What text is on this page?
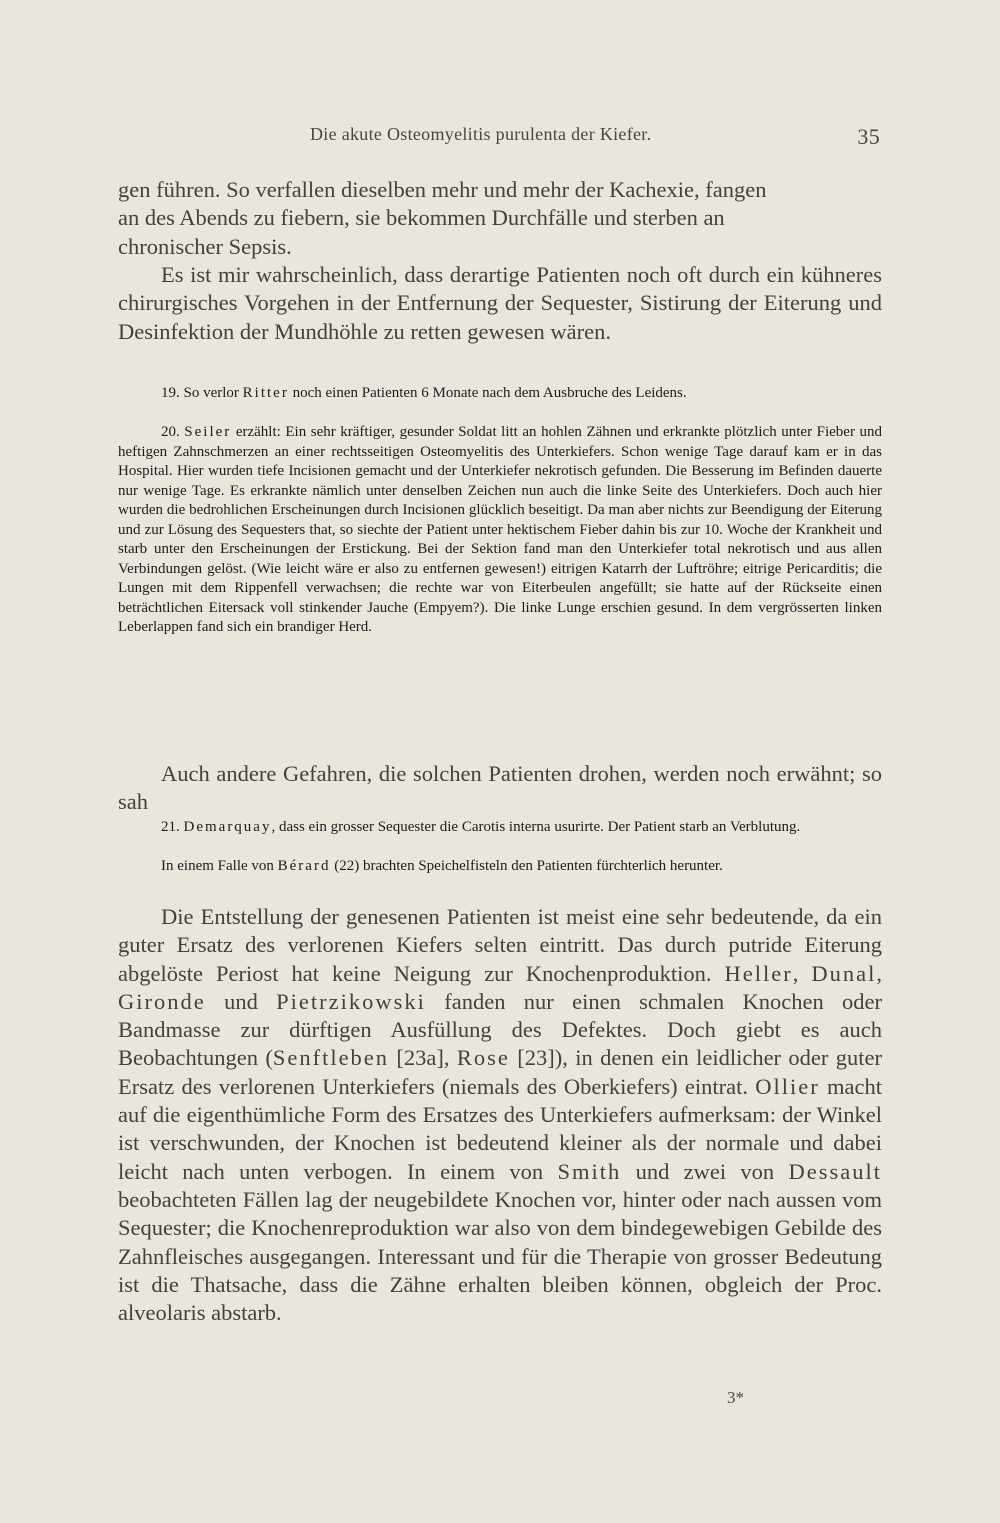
Die akute Osteomyelitis purulenta der Kiefer.	35

gen führen. So verfallen dieselben mehr und mehr der Kachexie, fangen

an des Abends zu fiebern, sie bekommen Durchfälle und sterben an

chronischer Sepsis.

Es ist mir wahrscheinlich, dass derartige Patienten noch oft durch ein kühneres chirurgisches Vorgehen in der Entfernung der Sequester, Sistirung der Eiterung und Desinfektion der Mundhöhle zu retten gewesen wären.

19. So verlor Ritter noch einen Patienten 6 Monate nach dem Ausbruche des Leidens.

20. Seiler erzählt: Ein sehr kräftiger, gesunder Soldat litt an hohlen Zähnen und erkrankte plötzlich unter Fieber und heftigen Zahnschmerzen an einer rechtsseitigen Osteomyelitis des Unterkiefers. Schon wenige Tage darauf kam er in das Hospital. Hier wurden tiefe Incisionen gemacht und der Unterkiefer nekrotisch gefunden. Die Besserung im Befinden dauerte nur wenige Tage. Es erkrankte nämlich unter denselben Zeichen nun auch die linke Seite des Unterkiefers. Doch auch hier wurden die bedrohlichen Erscheinungen durch Incisionen glücklich beseitigt. Da man aber nichts zur Beendigung der Eiterung und zur Lösung des Sequesters that, so siechte der Patient unter hektischem Fieber dahin bis zur 10. Woche der Krankheit und starb unter den Erscheinungen der Erstickung. Bei der Sektion fand man den Unterkiefer total nekrotisch und aus allen Verbindungen gelöst. (Wie leicht wäre er also zu entfernen gewesen!) eitrigen Katarrh der Luftröhre; eitrige Pericarditis; die Lungen mit dem Rippenfell verwachsen; die rechte war von Eiterbeulen angefüllt; sie hatte auf der Rückseite einen beträchtlichen Eitersack voll stinkender Jauche (Empyem?). Die linke Lunge erschien gesund. In dem vergrösserten linken Leberlappen fand sich ein brandiger Herd.

Auch andere Gefahren, die solchen Patienten drohen, werden noch erwähnt; so sah

21. Demarquay, dass ein grosser Sequester die Carotis interna usurirte. Der Patient starb an Verblutung.

In einem Falle von Bérard (22) brachten Speichelfisteln den Patienten fürchterlich herunter.

Die Entstellung der genesenen Patienten ist meist eine sehr bedeutende, da ein guter Ersatz des verlorenen Kiefers selten eintritt. Das durch putride Eiterung abgelöste Periost hat keine Neigung zur Knochenproduktion. Heller, Dunal, Gironde und Pietrzikowski fanden nur einen schmalen Knochen oder Bandmasse zur dürftigen Ausfüllung des Defektes. Doch giebt es auch Beobachtungen (Senftleben [23a], Rose [23]), in denen ein leidlicher oder guter Ersatz des verlorenen Unterkiefers (niemals des Oberkiefers) eintrat. Ollier macht auf die eigenthümliche Form des Ersatzes des Unterkiefers aufmerksam: der Winkel ist verschwunden, der Knochen ist bedeutend kleiner als der normale und dabei leicht nach unten verbogen. In einem von Smith und zwei von Dessault beobachteten Fällen lag der neugebildete Knochen vor, hinter oder nach aussen vom Sequester; die Knochenreproduktion war also von dem bindegewebigen Gebilde des Zahnfleisches ausgegangen. Interessant und für die Therapie von grosser Bedeutung ist die Thatsache, dass die Zähne erhalten bleiben können, obgleich der Proc. alveolaris abstarb.

3*
